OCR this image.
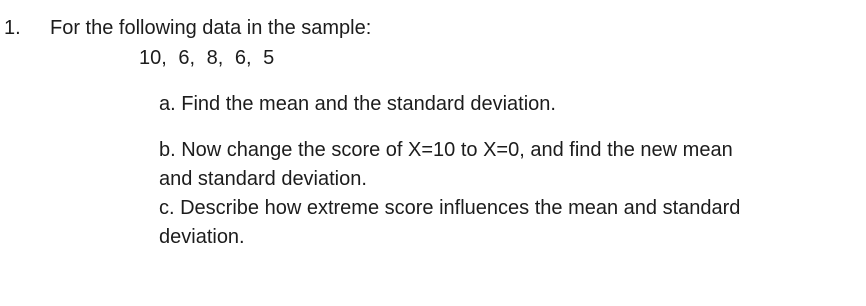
1. For the following data in the sample:
10, 6, 8, 6, 5
a. Find the mean and the standard deviation.
b. Now change the score of X=10 to X=0, and find the new mean
and standard deviation.
c. Describe how extreme score influences the mean and standard
deviation.
